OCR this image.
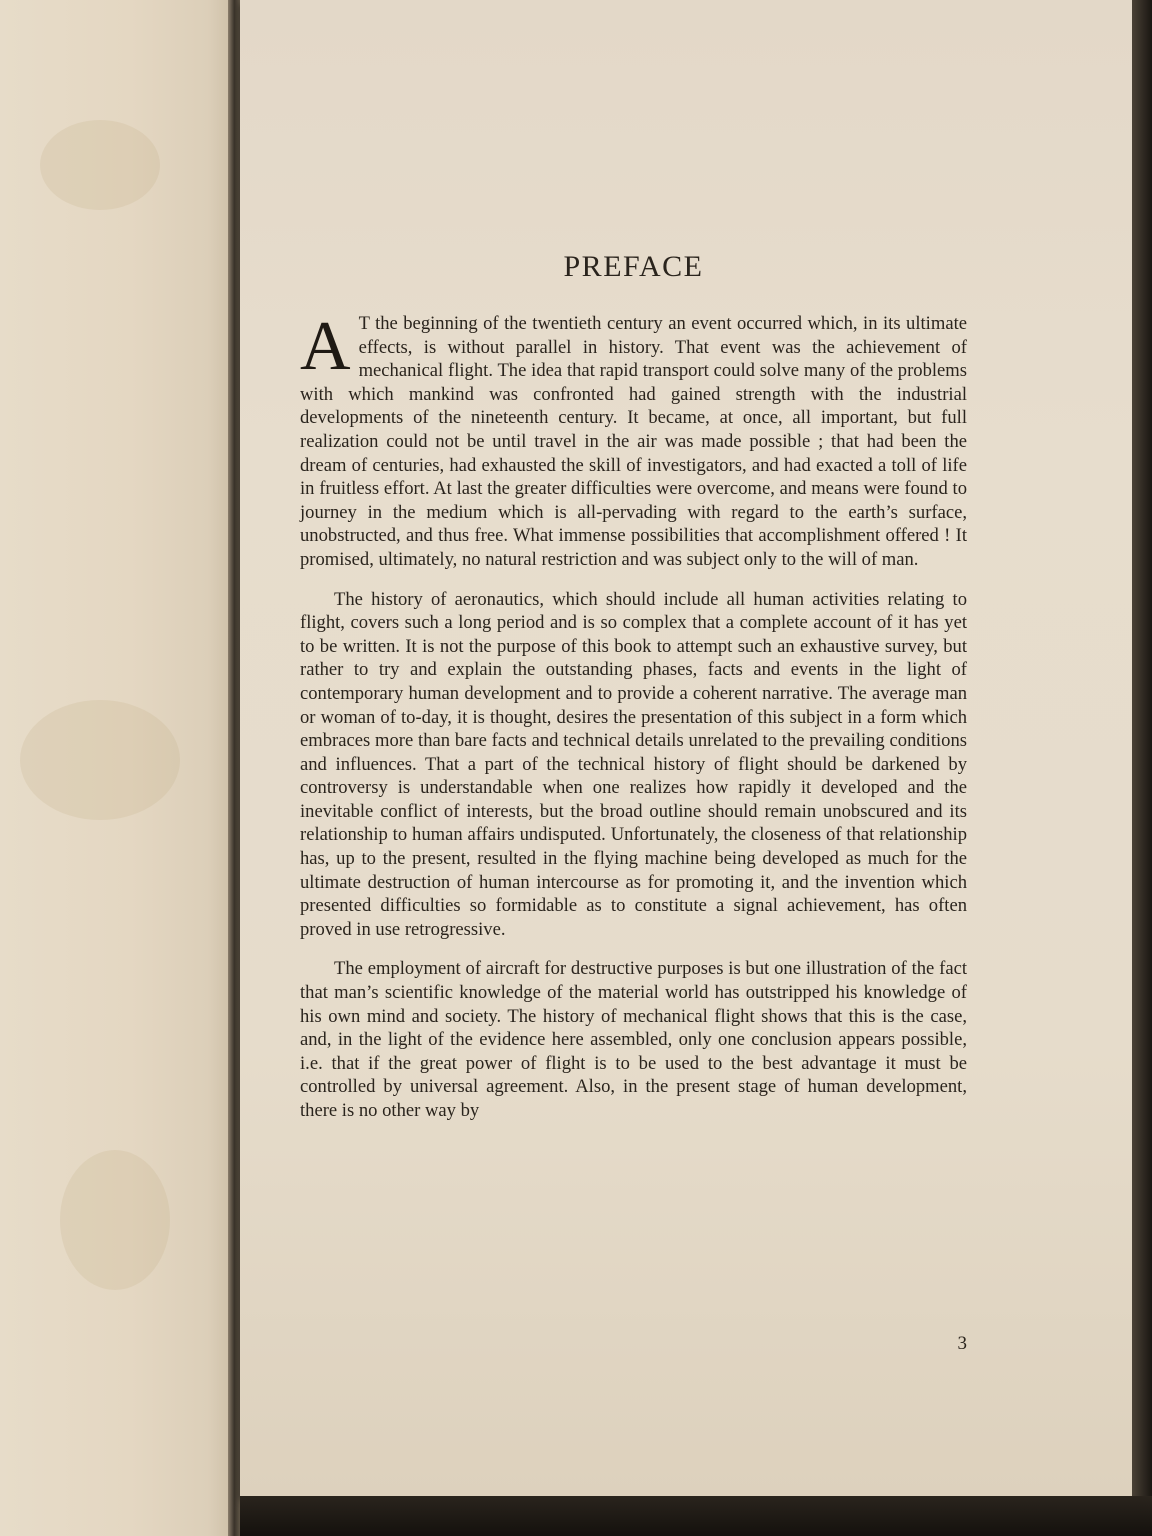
PREFACE

A T the beginning of the twentieth century an event occurred which, in its ultimate effects, is without parallel in history. That event was the achievement of mechanical flight. The idea that rapid transport could solve many of the problems with which mankind was confronted had gained strength with the industrial developments of the nineteenth century. It became, at once, all important, but full realization could not be until travel in the air was made possible ; that had been the dream of centuries, had exhausted the skill of investigators, and had exacted a toll of life in fruitless effort. At last the greater difficulties were overcome, and means were found to journey in the medium which is all-pervading with regard to the earth’s surface, unobstructed, and thus free. What immense possibilities that accomplishment offered ! It promised, ultimately, no natural restriction and was subject only to the will of man.

The history of aeronautics, which should include all human activities relating to flight, covers such a long period and is so complex that a complete account of it has yet to be written. It is not the purpose of this book to attempt such an exhaustive survey, but rather to try and explain the outstanding phases, facts and events in the light of contemporary human development and to provide a coherent narrative. The average man or woman of to-day, it is thought, desires the presentation of this subject in a form which embraces more than bare facts and technical details unrelated to the prevailing conditions and influences. That a part of the technical history of flight should be darkened by controversy is understandable when one realizes how rapidly it developed and the inevitable conflict of interests, but the broad outline should remain unobscured and its relationship to human affairs undisputed. Unfortunately, the closeness of that relationship has, up to the present, resulted in the flying machine being developed as much for the ultimate destruction of human intercourse as for promoting it, and the invention which presented difficulties so formidable as to constitute a signal achievement, has often proved in use retrogressive.

The employment of aircraft for destructive purposes is but one illustration of the fact that man’s scientific knowledge of the material world has outstripped his knowledge of his own mind and society. The history of mechanical flight shows that this is the case, and, in the light of the evidence here assembled, only one conclusion appears possible, i.e. that if the great power of flight is to be used to the best advantage it must be controlled by universal agreement. Also, in the present stage of human development, there is no other way by

3
